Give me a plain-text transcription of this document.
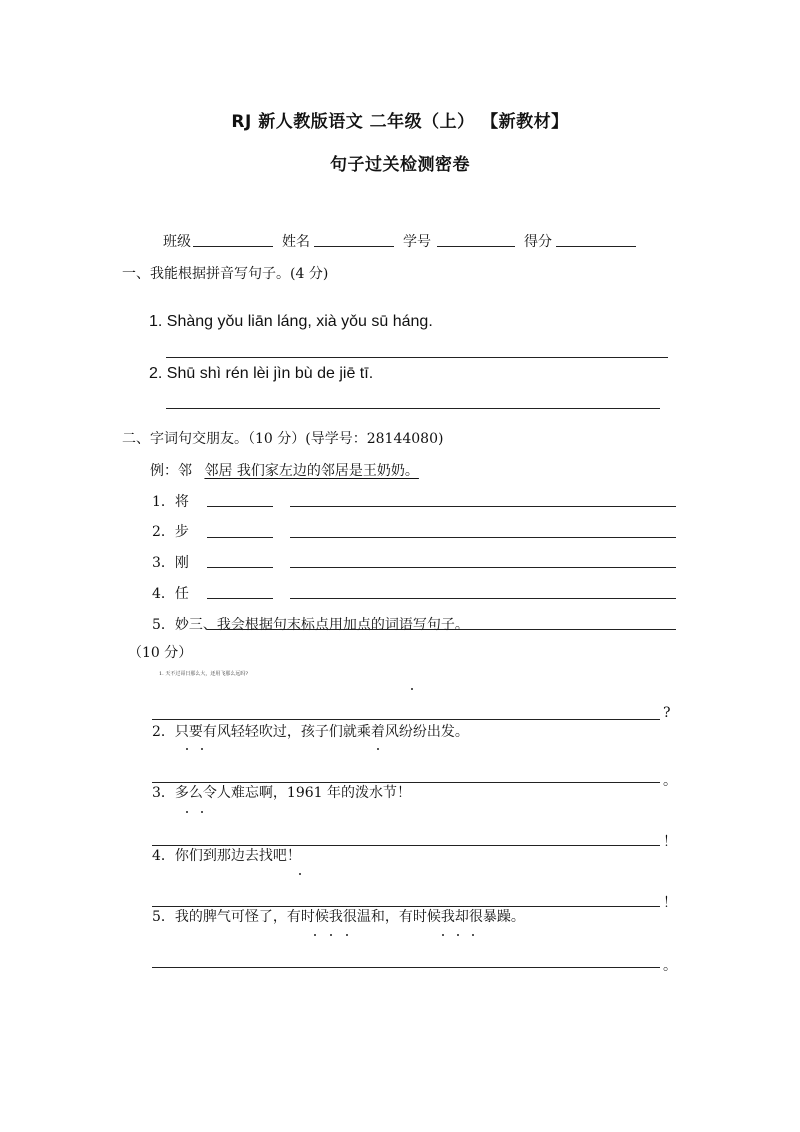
RJ 新人教版语文 二年级（上） 【新教材】
句子过关检测密卷
班级	姓名	学号	得分
一、我能根据拼音写句子。(4 分)
1. Shàng yǒu liān láng, xià yǒu sū háng.
2. Shū shì rén lèi jìn bù de jiē tī.
二、字词句交朋友。（10 分）(导学号：28144080)
例：邻 邻居 我们家左边的邻居是王奶奶。
1．将
2．步
3．刚
4．任
5．妙三、我会根据句末标点用加点的词语写句子。
（10 分）
1. 天不过哥日那么大，还用飞那么远吗?
?
2．只要有风轻轻吹过，孩子们就乘着风纷纷出发。
。
3．多么令人难忘啊，1961 年的泼水节！
！
4．你们到那边去找吧！
！
5．我的脾气可怪了，有时候我很温和，有时候我却很暴躁。
。
